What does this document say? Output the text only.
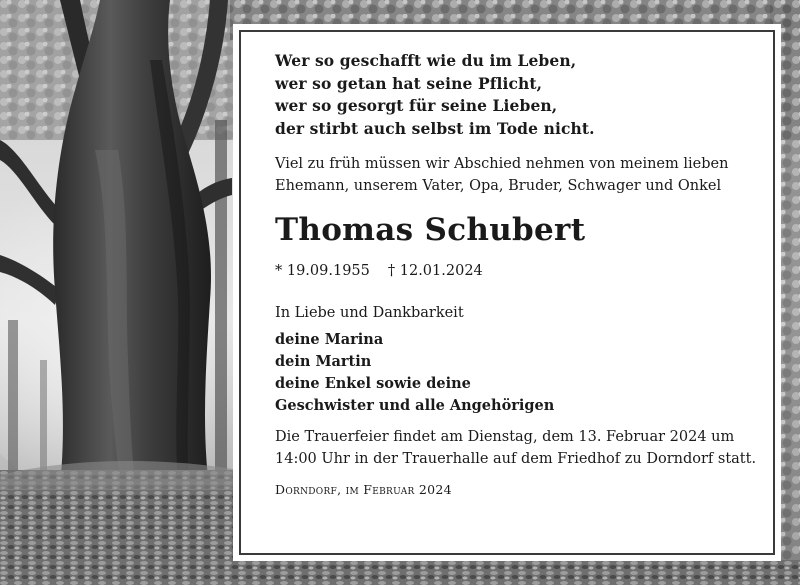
Wer so geschafft wie du im Leben,
wer so getan hat seine Pflicht,
wer so gesorgt für seine Lieben,
der stirbt auch selbst im Tode nicht.
Viel zu früh müssen wir Abschied nehmen von meinem lieben
Ehemann, unserem Vater, Opa, Bruder, Schwager und Onkel
Thomas Schubert
* 19.09.1955 † 12.01.2024
In Liebe und Dankbarkeit
deine Marina
dein Martin
deine Enkel sowie deine
Geschwister und alle Angehörigen
Die Trauerfeier findet am Dienstag, dem 13. Februar 2024 um
14:00 Uhr in der Trauerhalle auf dem Friedhof zu Dorndorf statt.
Dorndorf, im Februar 2024
